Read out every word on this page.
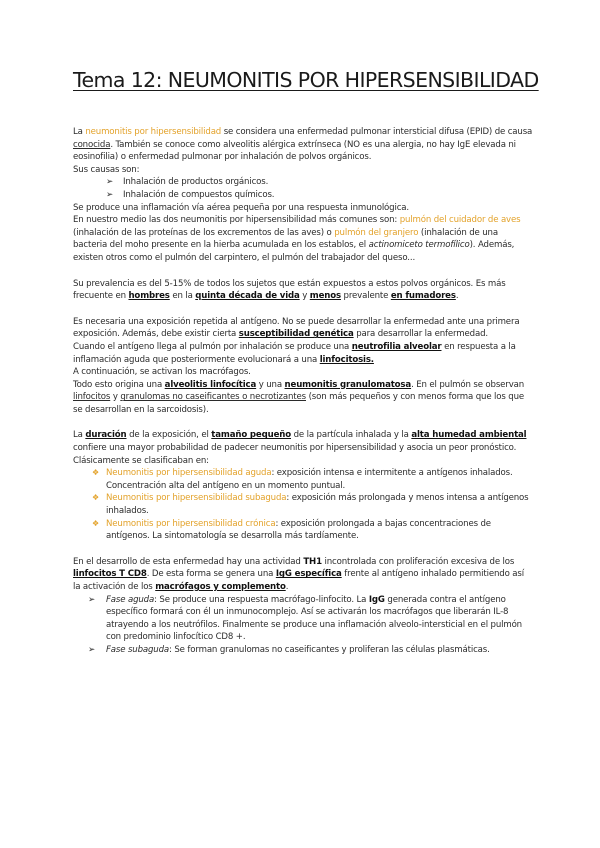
Tema 12: NEUMONITIS POR HIPERSENSIBILIDAD

La neumonitis por hipersensibilidad se considera una enfermedad pulmonar intersticial difusa (EPID) de causa conocida. También se conoce como alveolitis alérgica extrínseca (NO es una alergia, no hay IgE elevada ni eosinofilia) o enfermedad pulmonar por inhalación de polvos orgánicos.

Sus causas son:

➢ Inhalación de productos orgánicos.
➢ Inhalación de compuestos químicos.

Se produce una inflamación vía aérea pequeña por una respuesta inmunológica.

En nuestro medio las dos neumonitis por hipersensibilidad más comunes son: pulmón del cuidador de aves (inhalación de las proteínas de los excrementos de las aves) o pulmón del granjero (inhalación de una bacteria del moho presente en la hierba acumulada en los establos, el actinomiceto termofílico). Además, existen otros como el pulmón del carpintero, el pulmón del trabajador del queso...

Su prevalencia es del 5-15% de todos los sujetos que están expuestos a estos polvos orgánicos. Es más frecuente en hombres en la quinta década de vida y menos prevalente en fumadores.

Es necesaria una exposición repetida al antígeno. No se puede desarrollar la enfermedad ante una primera exposición. Además, debe existir cierta susceptibilidad genética para desarrollar la enfermedad.

Cuando el antígeno llega al pulmón por inhalación se produce una neutrofilia alveolar en respuesta a la inflamación aguda que posteriormente evolucionará a una linfocitosis.

A continuación, se activan los macrófagos.

Todo esto origina una alveolitis linfocítica y una neumonitis granulomatosa. En el pulmón se observan linfocitos y granulomas no caseificantes o necrotizantes (son más pequeños y con menos forma que los que se desarrollan en la sarcoidosis).

La duración de la exposición, el tamaño pequeño de la partícula inhalada y la alta humedad ambiental confiere una mayor probabilidad de padecer neumonitis por hipersensibilidad y asocia un peor pronóstico.

Clásicamente se clasificaban en:

❖ Neumonitis por hipersensibilidad aguda: exposición intensa e intermitente a antígenos inhalados. Concentración alta del antígeno en un momento puntual.
❖ Neumonitis por hipersensibilidad subaguda: exposición más prolongada y menos intensa a antígenos inhalados.
❖ Neumonitis por hipersensibilidad crónica: exposición prolongada a bajas concentraciones de antígenos. La sintomatología se desarrolla más tardíamente.

En el desarrollo de esta enfermedad hay una actividad TH1 incontrolada con proliferación excesiva de los linfocitos T CD8. De esta forma se genera una IgG específica frente al antígeno inhalado permitiendo así la activación de los macrófagos y complemento.

➢ Fase aguda: Se produce una respuesta macrófago-linfocito. La IgG generada contra el antígeno específico formará con él un inmunocomplejo. Así se activarán los macrófagos que liberarán IL-8 atrayendo a los neutrófilos. Finalmente se produce una inflamación alveolo-intersticial en el pulmón con predominio linfocítico CD8 +.
➢ Fase subaguda: Se forman granulomas no caseificantes y proliferan las células plasmáticas.
